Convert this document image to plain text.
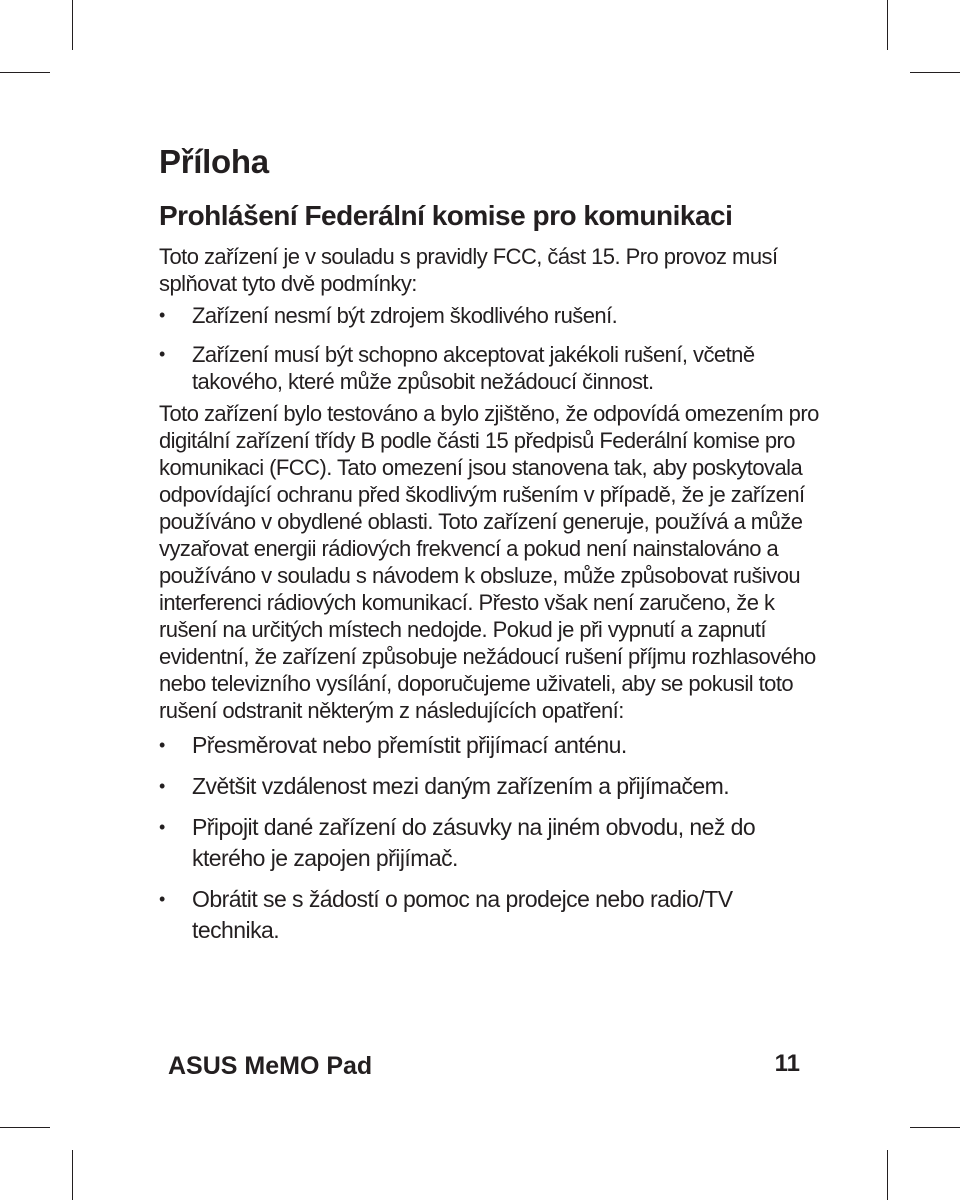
Příloha
Prohlášení Federální komise pro komunikaci

Toto zařízení je v souladu s pravidly FCC, část 15. Pro provoz musí splňovat tyto dvě podmínky:

• Zařízení nesmí být zdrojem škodlivého rušení.
• Zařízení musí být schopno akceptovat jakékoli rušení, včetně takového, které může způsobit nežádoucí činnost.

Toto zařízení bylo testováno a bylo zjištěno, že odpovídá omezením pro digitální zařízení třídy B podle části 15 předpisů Federální komise pro komunikaci (FCC). Tato omezení jsou stanovena tak, aby poskytovala odpovídající ochranu před škodlivým rušením v případě, že je zařízení používáno v obydlené oblasti. Toto zařízení generuje, používá a může vyzařovat energii rádiových frekvencí a pokud není nainstalováno a používáno v souladu s návodem k obsluze, může způsobovat rušivou interferenci rádiových komunikací. Přesto však není zaručeno, že k rušení na určitých místech nedojde. Pokud je při vypnutí a zapnutí evidentní, že zařízení způsobuje nežádoucí rušení příjmu rozhlasového nebo televizního vysílání, doporučujeme uživateli, aby se pokusil toto rušení odstranit některým z následujících opatření:

• Přesměrovat nebo přemístit přijímací anténu.
• Zvětšit vzdálenost mezi daným zařízením a přijímačem.
• Připojit dané zařízení do zásuvky na jiném obvodu, než do kterého je zapojen přijímač.
• Obrátit se s žádostí o pomoc na prodejce nebo radio/TV technika.
ASUS MeMO Pad	11
